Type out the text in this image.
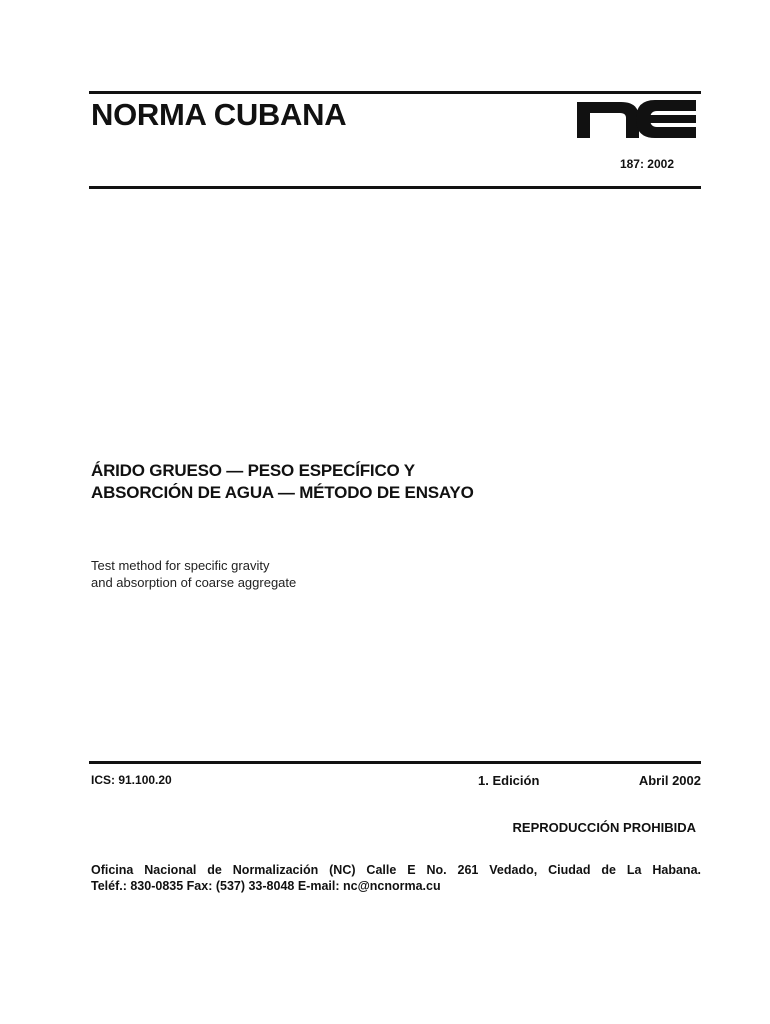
NORMA CUBANA
187: 2002
ÁRIDO GRUESO — PESO ESPECÍFICO Y
ABSORCIÓN DE AGUA — MÉTODO DE ENSAYO
Test method for specific gravity
and absorption of coarse aggregate
ICS: 91.100.20	1. Edición	Abril 2002
REPRODUCCIÓN PROHIBIDA
Oficina Nacional de Normalización (NC) Calle E No. 261 Vedado, Ciudad de La Habana.
Teléf.: 830-0835 Fax: (537) 33-8048 E-mail: nc@ncnorma.cu
